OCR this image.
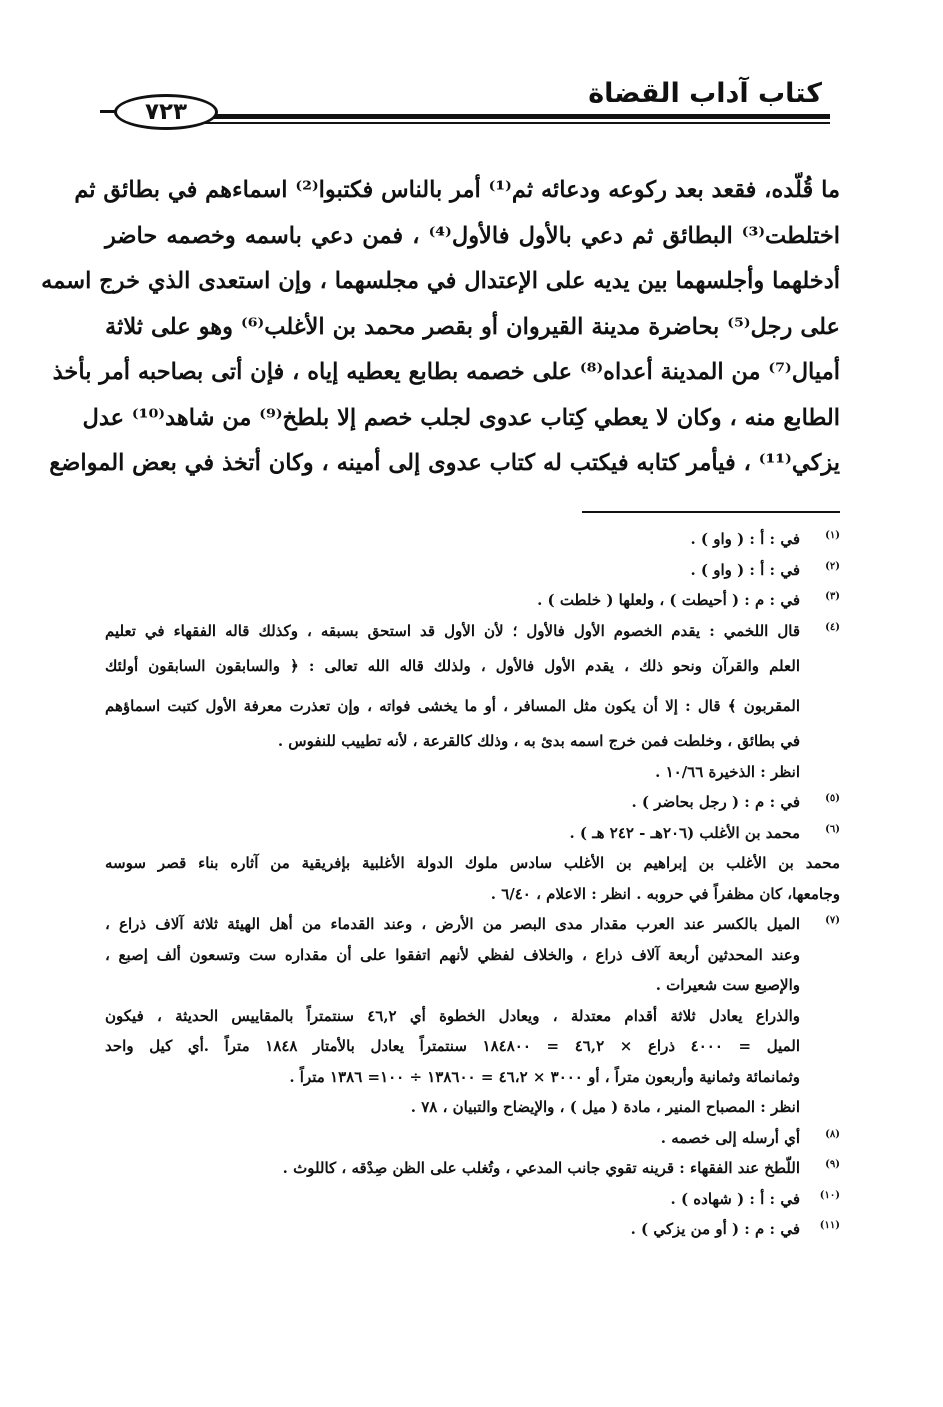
كتاب آداب القضاة
٧٢٣
ما قُلّده، فقعد بعد ركوعه ودعائه ثم⁽¹⁾ أمر بالناس فكتبوا⁽²⁾ اسماءهم في بطائق ثم
اختلطت⁽³⁾ البطائق ثم دعي بالأول فالأول⁽⁴⁾ ، فمن دعي باسمه وخصمه حاضر
أدخلهما وأجلسهما بين يديه على الإعتدال في مجلسهما ، وإن استعدى الذي خرج اسمه
على رجل⁽⁵⁾ بحاضرة مدينة القيروان أو بقصر محمد بن الأغلب⁽⁶⁾ وهو على ثلاثة
أميال⁽⁷⁾ من المدينة أعداه⁽⁸⁾ على خصمه بطابع يعطيه إياه ، فإن أتى بصاحبه أمر بأخذ
الطابع منه ، وكان لا يعطي كِتاب عدوى لجلب خصم إلا بلطخ⁽⁹⁾ من شاهد⁽¹⁰⁾ عدل
يزكي⁽¹¹⁾ ، فيأمر كتابه فيكتب له كتاب عدوى إلى أمينه ، وكان أتخذ في بعض المواضع
(١)
في : أ : ( واو ) .
(٢)
في : أ : ( واو ) .
(٣)
في : م : ( أحيطت ) ، ولعلها ( خلطت ) .
(٤)
قال اللخمي : يقدم الخصوم الأول فالأول ؛ لأن الأول قد استحق بسبقه ، وكذلك قاله الفقهاء في تعليم
العلم والقرآن ونحو ذلك ، يقدم الأول فالأول ، ولذلك قاله الله تعالى : ﴿ والسابقون السابقون أولئك
المقربون ﴾ قال : إلا أن يكون مثل المسافر ، أو ما يخشى فواته ، وإن تعذرت معرفة الأول كتبت اسماؤهم
في بطائق ، وخلطت فمن خرج اسمه بدئ به ، وذلك كالقرعة ، لأنه تطييب للنفوس .
انظر : الذخيرة ١٠/٦٦ .
(٥)
في : م : ( رجل بحاضر ) .
(٦)
محمد بن الأغلب (٢٠٦هـ - ٢٤٢ هـ ) .
محمد بن الأغلب بن إبراهيم بن الأغلب سادس ملوك الدولة الأغلبية بإفريقية من آثاره بناء قصر سوسه
وجامعها، كان مظفراً في حروبه . انظر : الاعلام ، ٦/٤٠ .
(٧)
الميل بالكسر عند العرب مقدار مدى البصر من الأرض ، وعند القدماء من أهل الهيئة ثلاثة آلاف ذراع ،
وعند المحدثين أربعة آلاف ذراع ، والخلاف لفظي لأنهم اتفقوا على أن مقداره ست وتسعون ألف إصبع ،
والإصبع ست شعيرات .
والذراع يعادل ثلاثة أقدام معتدلة ، ويعادل الخطوة أي ٤٦,٢ سنتمتراً بالمقاييس الحديثة ، فيكون
الميل = ٤٠٠٠ ذراع × ٤٦,٢ = ١٨٤٨٠٠ سنتمتراً يعادل بالأمتار ١٨٤٨ متراً .أي كيل واحد
وثمانمائة وثمانية وأربعون متراً ، أو ٣٠٠٠ × ٤٦،٢ = ١٣٨٦٠٠ ÷ ١٠٠= ١٣٨٦ متراً .
انظر : المصباح المنير ، مادة ( ميل ) ، والإيضاح والتبيان ، ٧٨ .
(٨)
أي أرسله إلى خصمه .
(٩)
اللّطخ عند الفقهاء : قرينه تقوي جانب المدعي ، وتُغلب على الظن صِدْقه ، كاللوث .
(١٠)
في : أ : ( شهاده ) .
(١١)
في : م : ( أو من يزكي ) .
